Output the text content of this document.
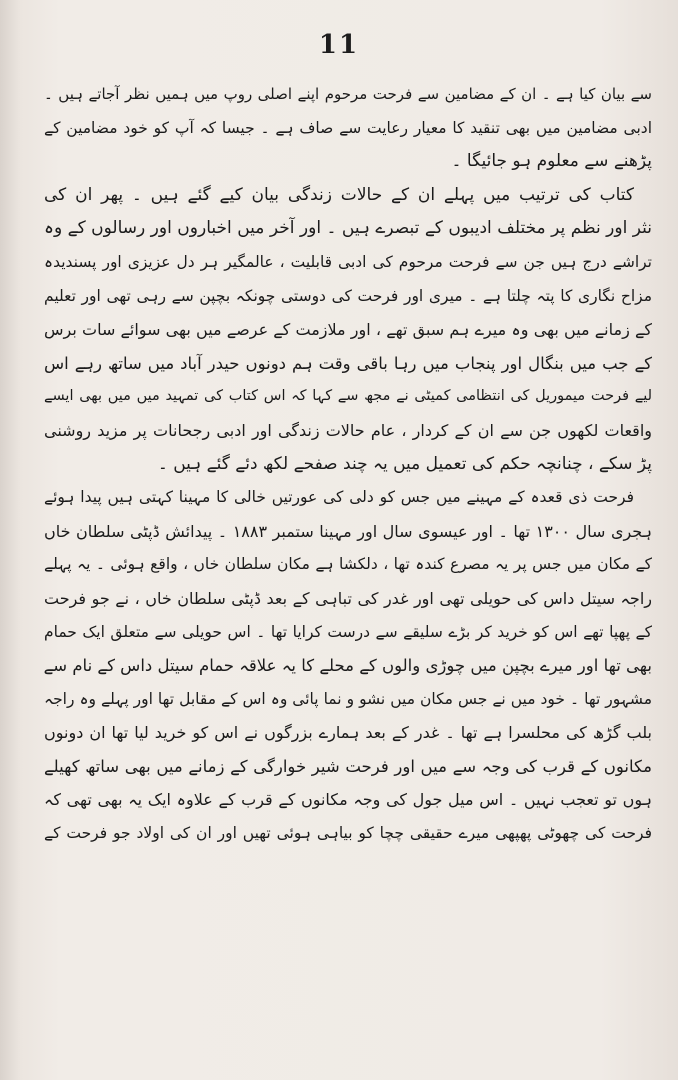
11
سے بیان کیا ہے ۔ ان کے مضامین سے فرحت مرحوم اپنے اصلی روپ میں ہمیں نظر آجاتے ہیں ۔
ادبی مضامین میں بھی تنقید کا معیار رعایت سے صاف ہے ۔ جیسا کہ آپ کو خود مضامین کے
پڑھنے سے معلوم ہو جائیگا ۔
کتاب کی ترتیب میں پہلے ان کے حالات زندگی بیان کیے گئے ہیں ۔ پھر ان کی
نثر اور نظم پر مختلف ادیبوں کے تبصرے ہیں ۔ اور آخر میں اخباروں اور رسالوں کے وہ
تراشے درج ہیں جن سے فرحت مرحوم کی ادبی قابلیت ، عالمگیر ہر دل عزیزی اور پسندیدہ
مزاح نگاری کا پتہ چلتا ہے ۔ میری اور فرحت کی دوستی چونکہ بچپن سے رہی تھی اور تعلیم
کے زمانے میں بھی وہ میرے ہم سبق تھے ، اور ملازمت کے عرصے میں بھی سوائے سات برس
کے جب میں بنگال اور پنجاب میں رہا باقی وقت ہم دونوں حیدر آباد میں ساتھ رہے اس
لیے فرحت میموریل کی انتظامی کمیٹی نے مجھ سے کہا کہ اس کتاب کی تمہید میں میں بھی ایسے
واقعات لکھوں جن سے ان کے کردار ، عام حالات زندگی اور ادبی رجحانات پر مزید روشنی
پڑ سکے ، چنانچہ حکم کی تعمیل میں یہ چند صفحے لکھ دئے گئے ہیں ۔
فرحت ذی قعدہ کے مہینے میں جس کو دلی کی عورتیں خالی کا مہینا کہتی ہیں پیدا ہوئے
ہجری سال ۱۳۰۰ تھا ۔ اور عیسوی سال اور مہینا ستمبر ۱۸۸۳ ۔ پیدائش ڈپٹی سلطان خاں
کے مکان میں جس پر یہ مصرع کندہ تھا ، دلکشا ہے مکان سلطان خاں ، واقع ہوئی ۔ یہ پہلے
راجہ سیتل داس کی حویلی تھی اور غدر کی تباہی کے بعد ڈپٹی سلطان خاں ، نے جو فرحت
کے پھپا تھے اس کو خرید کر بڑے سلیقے سے درست کرایا تھا ۔ اس حویلی سے متعلق ایک حمام
بھی تھا اور میرے بچپن میں چوڑی والوں کے محلے کا یہ علاقہ حمام سیتل داس کے نام سے
مشہور تھا ۔ خود میں نے جس مکان میں نشو و نما پائی وہ اس کے مقابل تھا اور پہلے وہ راجہ
بلب گڑھ کی محلسرا ہے تھا ۔ غدر کے بعد ہمارے بزرگوں نے اس کو خرید لیا تھا ان دونوں
مکانوں کے قرب کی وجہ سے میں اور فرحت شیر خوارگی کے زمانے میں بھی ساتھ کھیلے
ہوں تو تعجب نہیں ۔ اس میل جول کی وجہ مکانوں کے قرب کے علاوہ ایک یہ بھی تھی کہ
فرحت کی چھوٹی پھپھی میرے حقیقی چچا کو بیاہی ہوئی تھیں اور ان کی اولاد جو فرحت کے
